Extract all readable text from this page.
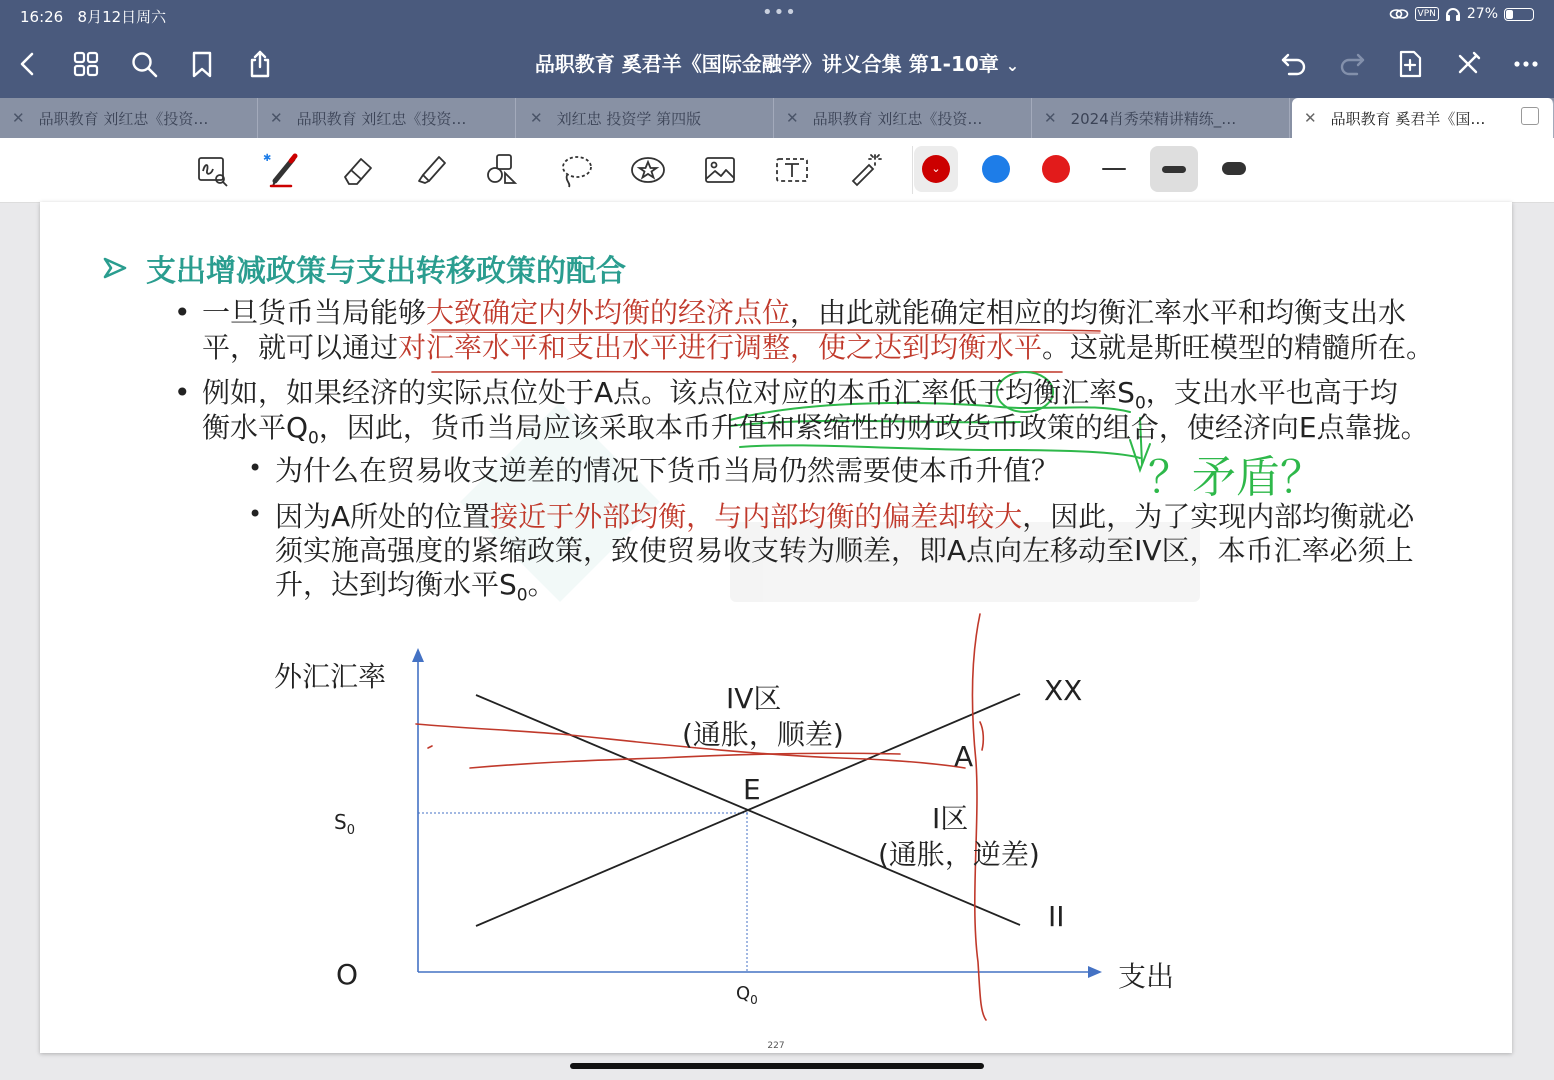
16:26 8月12日周六	•••	VPN 27%
品职教育 奚君羊《国际金融学》讲义合集 第1-10章 ⌄
✕ 品职教育 刘红忠《投资…	✕ 品职教育 刘红忠《投资…	✕ 刘红忠 投资学 第四版	✕ 品职教育 刘红忠《投资…	✕ 2024肖秀荣精讲精练_…	✕ 品职教育 奚君羊《国…
✱
⌄
？矛盾？
外汇汇率
支出
O
$S_0$
$Q_0$
E
A
XX
II
IV区
(通胀，顺差)
I区
(通胀，逆差)
227
支出增减政策与支出转移政策的配合
• 一旦货币当局能够大致确定内外均衡的经济点位，由此就能确定相应的均衡汇率水平和均衡支出水
平，就可以通过对汇率水平和支出水平进行调整，使之达到均衡水平。这就是斯旺模型的精髓所在。
• 例如，如果经济的实际点位处于A点。该点位对应的本币汇率低于均衡汇率$S_0$，支出水平也高于均
衡水平$Q_0$，因此，货币当局应该采取本币升值和紧缩性的财政货币政策的组合，使经济向E点靠拢。
• 为什么在贸易收支逆差的情况下货币当局仍然需要使本币升值？
• 因为A所处的位置接近于外部均衡，与内部均衡的偏差却较大，因此，为了实现内部均衡就必
须实施高强度的紧缩政策，致使贸易收支转为顺差，即A点向左移动至IV区，本币汇率必须上
升，达到均衡水平$S_0$。
